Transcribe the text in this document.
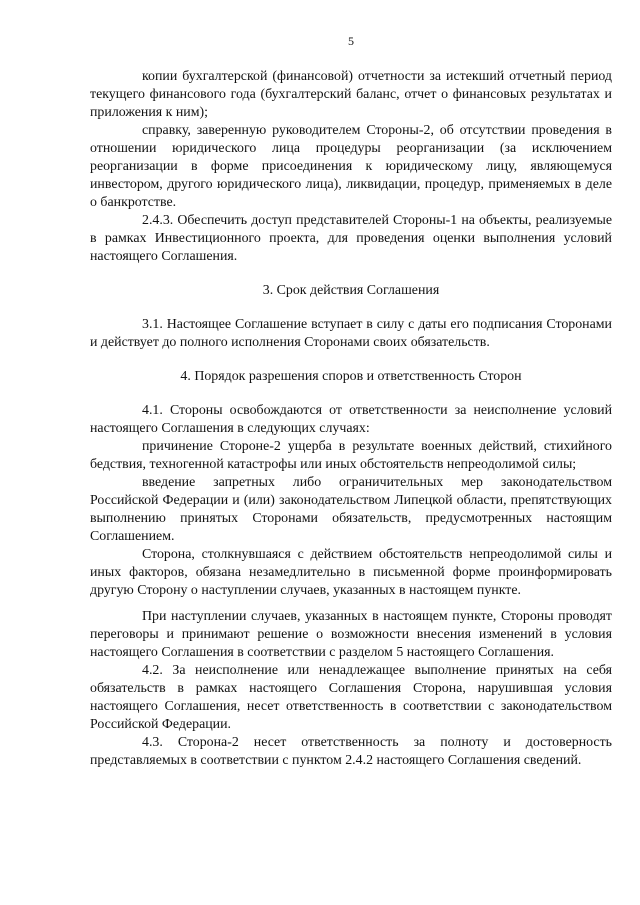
5

копии бухгалтерской (финансовой) отчетности за истекший отчетный период текущего финансового года (бухгалтерский баланс, отчет о финансовых результатах и приложения к ним);

справку, заверенную руководителем Стороны-2, об отсутствии проведения в отношении юридического лица процедуры реорганизации (за исключением реорганизации в форме присоединения к юридическому лицу, являющемуся инвестором, другого юридического лица), ликвидации, процедур, применяемых в деле о банкротстве.

2.4.3. Обеспечить доступ представителей Стороны-1 на объекты, реализуемые в рамках Инвестиционного проекта, для проведения оценки выполнения условий настоящего Соглашения.

3. Срок действия Соглашения

3.1. Настоящее Соглашение вступает в силу с даты его подписания Сторонами и действует до полного исполнения Сторонами своих обязательств.

4. Порядок разрешения споров и ответственность Сторон

4.1. Стороны освобождаются от ответственности за неисполнение условий настоящего Соглашения в следующих случаях:

причинение Стороне-2 ущерба в результате военных действий, стихийного бедствия, техногенной катастрофы или иных обстоятельств непреодолимой силы;

введение запретных либо ограничительных мер законодательством Российской Федерации и (или) законодательством Липецкой области, препятствующих выполнению принятых Сторонами обязательств, предусмотренных настоящим Соглашением.

Сторона, столкнувшаяся с действием обстоятельств непреодолимой силы и иных факторов, обязана незамедлительно в письменной форме проинформировать другую Сторону о наступлении случаев, указанных в настоящем пункте.

При наступлении случаев, указанных в настоящем пункте, Стороны проводят переговоры и принимают решение о возможности внесения изменений в условия настоящего Соглашения в соответствии с разделом 5 настоящего Соглашения.

4.2. За неисполнение или ненадлежащее выполнение принятых на себя обязательств в рамках настоящего Соглашения Сторона, нарушившая условия настоящего Соглашения, несет ответственность в соответствии с законодательством Российской Федерации.

4.3. Сторона-2 несет ответственность за полноту и достоверность представляемых в соответствии с пунктом 2.4.2 настоящего Соглашения сведений.
